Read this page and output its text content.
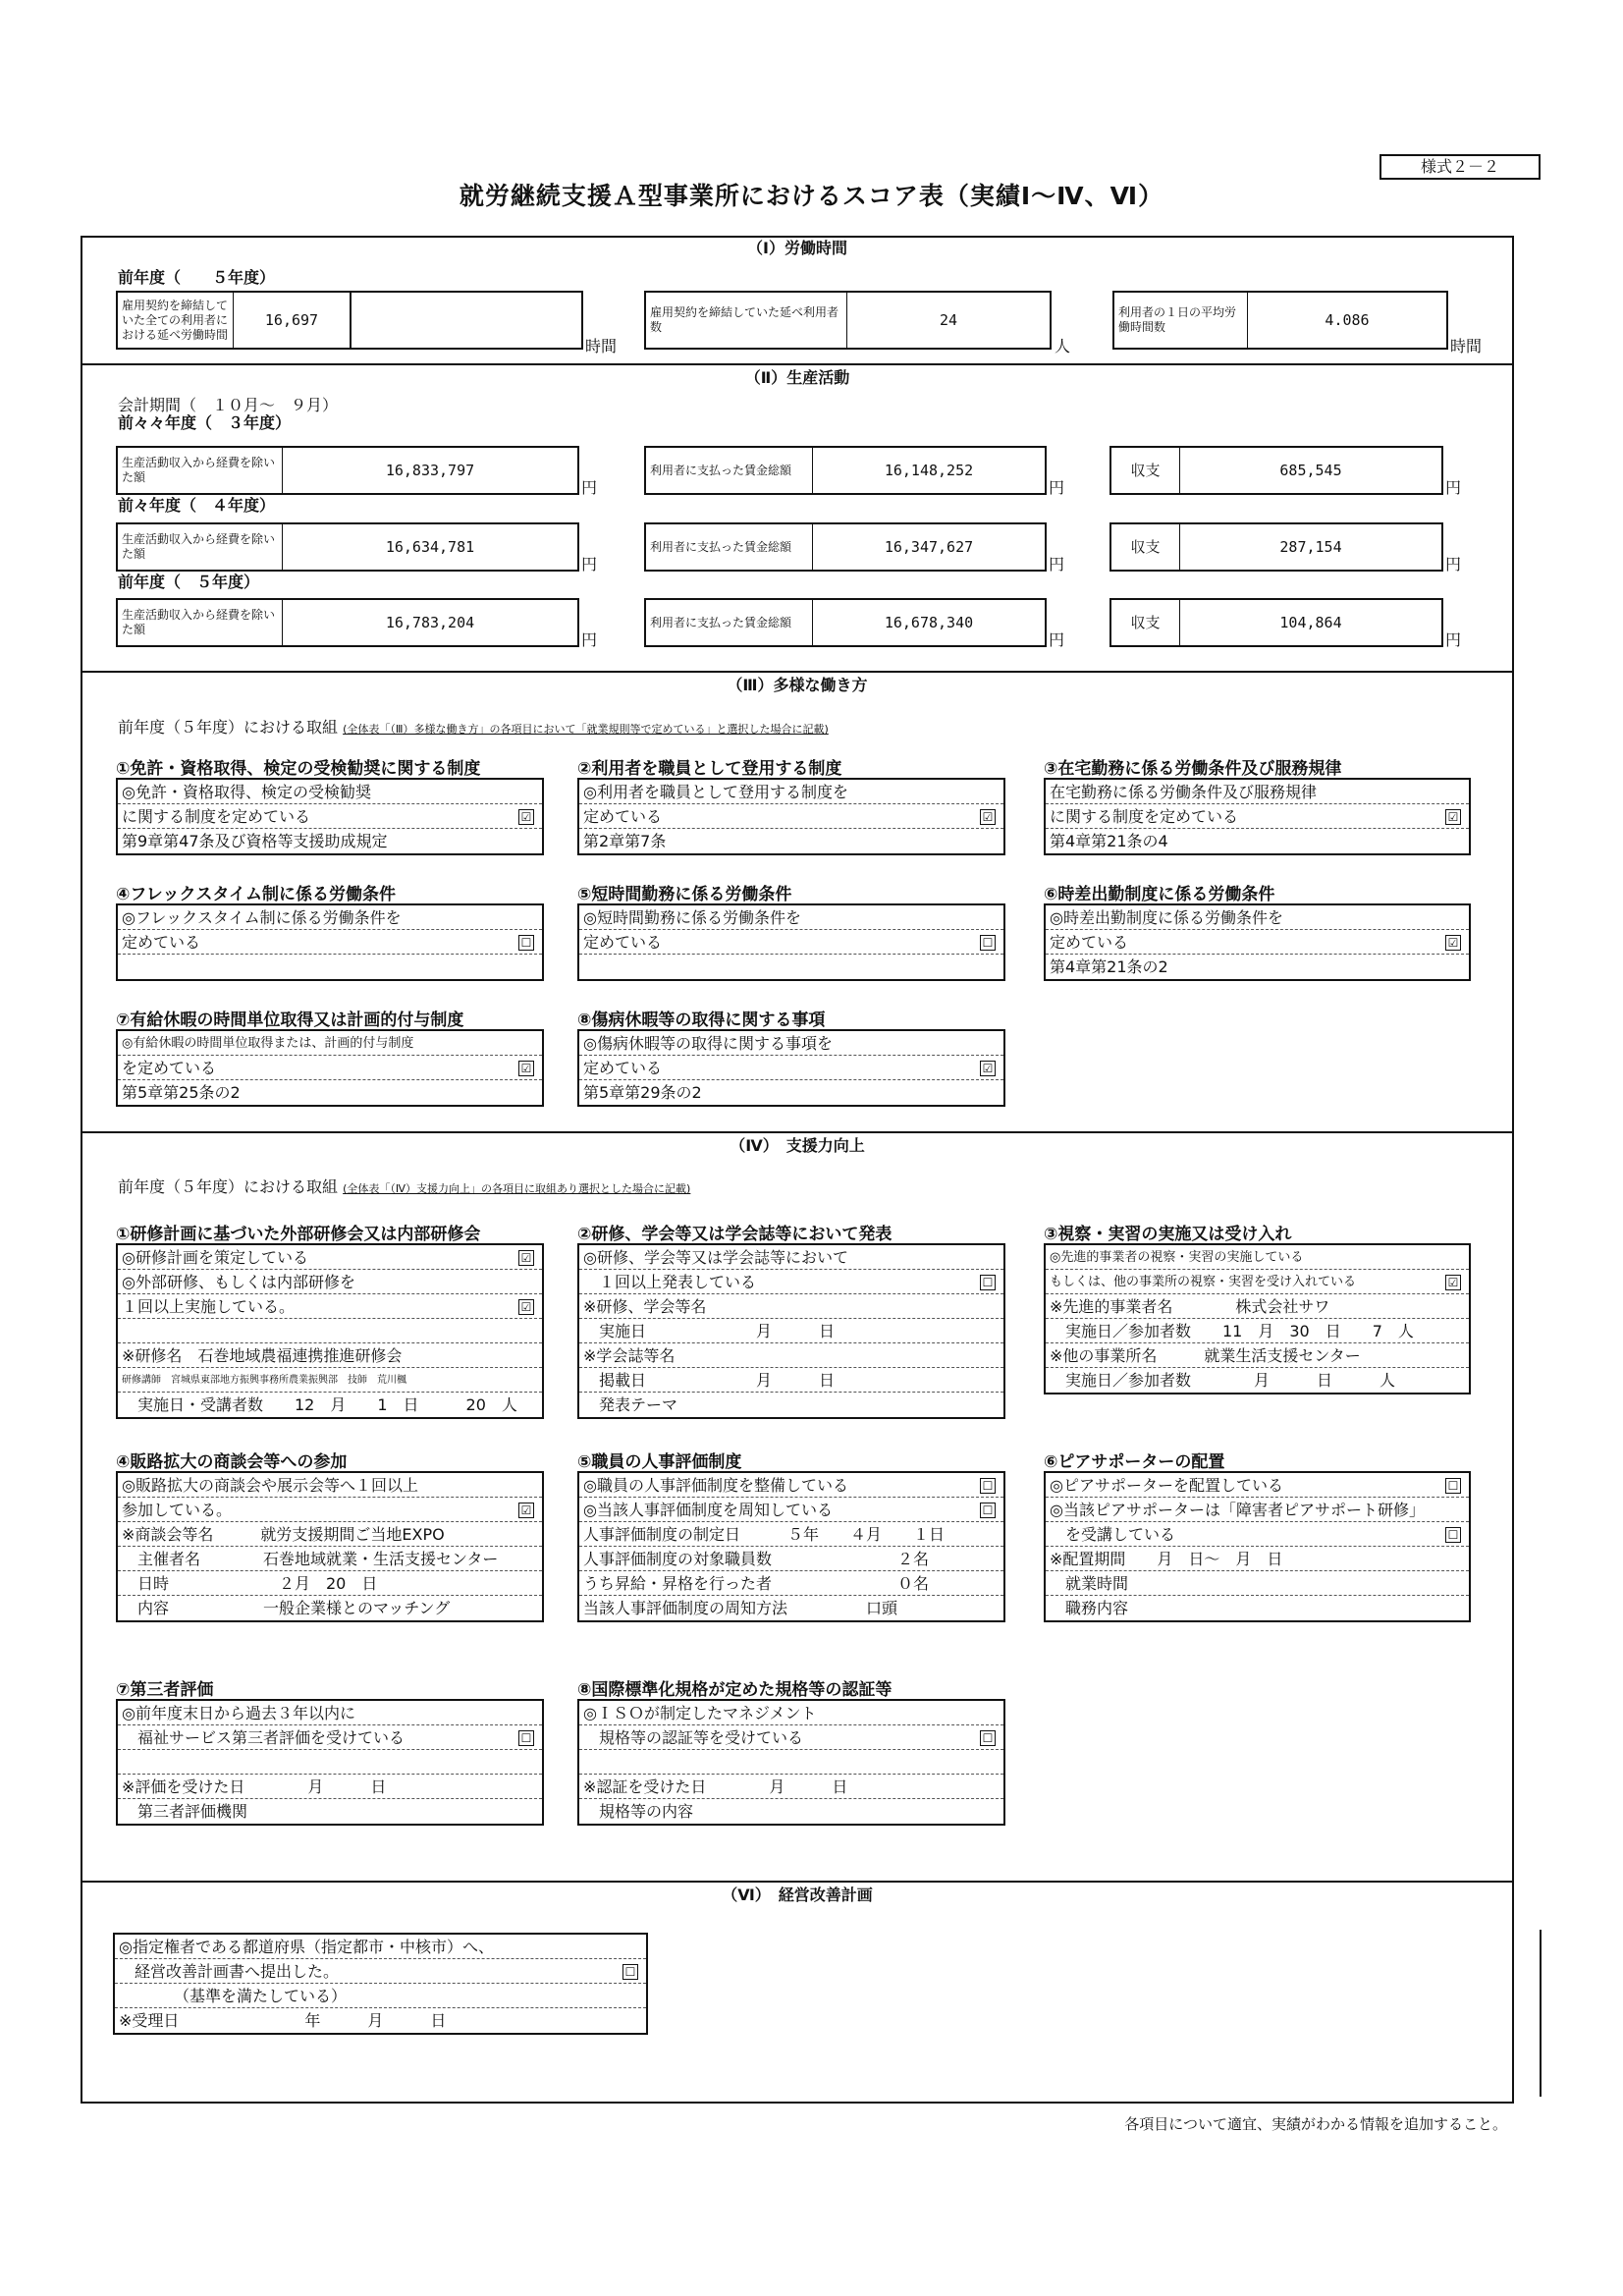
様式２－２
就労継続支援Ａ型事業所におけるスコア表（実績Ⅰ～Ⅳ、Ⅵ）
（Ⅰ）労働時間
前年度（　　５年度）
雇用契約を締結していた全ての利用者における延べ労働時間
16,697
時間
雇用契約を締結していた延べ利用者数	24
人
利用者の１日の平均労働時間数	4.086
時間
（Ⅱ）生産活動
会計期間（　１０月～　９月）
前々々年度（　３年度）
生産活動収入から経費を除いた額	16,833,797
円
利用者に支払った賃金総額	16,148,252
円
収支	685,545
円
前々年度（　４年度）
生産活動収入から経費を除いた額	16,634,781
円
利用者に支払った賃金総額	16,347,627
円
収支	287,154
円
前年度（　５年度）
生産活動収入から経費を除いた額	16,783,204
円
利用者に支払った賃金総額	16,678,340
円
収支	104,864
円
（Ⅲ）多様な働き方
前年度（５年度）における取組 (全体表「（Ⅲ）多様な働き方」の各項目において「就業規則等で定めている」と選択した場合に記載)
①免許・資格取得、検定の受検勧奨に関する制度
◎免許・資格取得、検定の受検勧奨
に関する制度を定めている	☑
第9章第47条及び資格等支援助成規定
②利用者を職員として登用する制度
◎利用者を職員として登用する制度を
定めている	☑
第2章第7条
③在宅勤務に係る労働条件及び服務規律
在宅勤務に係る労働条件及び服務規律
に関する制度を定めている	☑
第4章第21条の4
④フレックスタイム制に係る労働条件
◎フレックスタイム制に係る労働条件を
定めている	☐
⑤短時間勤務に係る労働条件
◎短時間勤務に係る労働条件を
定めている	☐
⑥時差出勤制度に係る労働条件
◎時差出勤制度に係る労働条件を
定めている	☑
第4章第21条の2
⑦有給休暇の時間単位取得又は計画的付与制度
◎有給休暇の時間単位取得または、計画的付与制度
を定めている	☑
第5章第25条の2
⑧傷病休暇等の取得に関する事項
◎傷病休暇等の取得に関する事項を
定めている	☑
第5章第29条の2
（Ⅳ）　支援力向上
前年度（５年度）における取組 (全体表「（Ⅳ）支援力向上」の各項目に取組あり選択とした場合に記載)
①研修計画に基づいた外部研修会又は内部研修会
◎研修計画を策定している	☑
◎外部研修、もしくは内部研修を
１回以上実施している。	☑
※研修名　石巻地域農福連携推進研修会
研修講師　宮城県東部地方振興事務所農業振興部　技師　荒川楓
　実施日・受講者数　　12　月　　1　日　　　20　人
②研修、学会等又は学会誌等において発表
◎研修、学会等又は学会誌等において
　１回以上発表している	☐
※研修、学会等名
　実施日　　　　　　　月　　　日
※学会誌等名
　掲載日　　　　　　　月　　　日
　発表テーマ
③視察・実習の実施又は受け入れ
◎先進的事業者の視察・実習の実施している
もしくは、他の事業所の視察・実習を受け入れている	☑
※先進的事業者名　　　　株式会社サワ
　実施日／参加者数　　11　月　30　日　　7　人
※他の事業所名　　　就業生活支援センター
　実施日／参加者数　　　　月　　　日　　　人
④販路拡大の商談会等への参加
◎販路拡大の商談会や展示会等へ１回以上
参加している。	☑
※商談会等名　　　就労支援期間ご当地EXPO
　主催者名　　　　石巻地域就業・生活支援センター
　日時　　　　　　　２月　20　日
　内容　　　　　　一般企業様とのマッチング
⑤職員の人事評価制度
◎職員の人事評価制度を整備している	☐
◎当該人事評価制度を周知している	☐
人事評価制度の制定日　　　５年　　４月　　１日
人事評価制度の対象職員数　　　　　　　　２名
うち昇給・昇格を行った者　　　　　　　　０名
当該人事評価制度の周知方法　　　　　口頭
⑥ピアサポーターの配置
◎ピアサポーターを配置している	☐
◎当該ピアサポーターは「障害者ピアサポート研修」
　を受講している	☐
※配置期間　　月　日～　月　日
　就業時間
　職務内容
⑦第三者評価
◎前年度末日から過去３年以内に
　福祉サービス第三者評価を受けている	☐
※評価を受けた日　　　　月　　　日
　第三者評価機関
⑧国際標準化規格が定めた規格等の認証等
◎ＩＳＯが制定したマネジメント
　規格等の認証等を受けている	☐
※認証を受けた日　　　　月　　　日
　規格等の内容
（Ⅵ）　経営改善計画
◎指定権者である都道府県（指定都市・中核市）へ、
　経営改善計画書へ提出した。	☐
　　　　（基準を満たしている）
※受理日　　　　　　　　年　　　月　　　日
各項目について適宜、実績がわかる情報を追加すること。
